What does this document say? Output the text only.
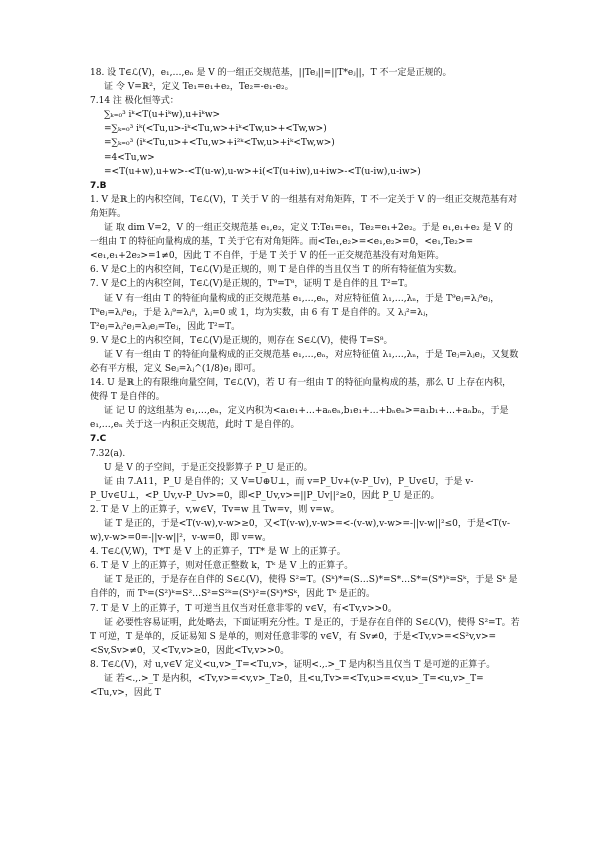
18. 设 T∈ℒ(V)，e₁,…,eₙ 是 V 的一组正交规范基，||Teⱼ||=||T*eⱼ||，T 不一定是正规的。

证 令 V=ℝ²，定义 Te₁=e₁+e₂，Te₂=-e₁-e₂。

7.14 注 极化恒等式：

∑ₖ₌₀³ iᵏ<T(u+iᵏw),u+iᵏw>

=∑ₖ₌₀³ iᵏ(<Tu,u>-iᵏ<Tu,w>+iᵏ<Tw,u>+<Tw,w>)

=∑ₖ₌₀³ (iᵏ<Tu,u>+<Tu,w>+i²ᵏ<Tw,u>+iᵏ<Tw,w>)

=4<Tu,w>

=<T(u+w),u+w>-<T(u-w),u-w>+i(<T(u+iw),u+iw>-<T(u-iw),u-iw>)

7.B

1. V 是ℝ上的内积空间，T∈ℒ(V)，T 关于 V 的一组基有对角矩阵，T 不一定关于 V 的一组正交规范基有对角矩阵。

证 取 dim V=2，V 的一组正交规范基 e₁,e₂，定义 T:Te₁=e₁，Te₂=e₁+2e₂。于是 e₁,e₁+e₂ 是 V 的一组由 T 的特征向量构成的基，T 关于它有对角矩阵。而<Te₁,e₂>=<e₁,e₂>=0，<e₁,Te₂>=<e₁,e₁+2e₂>=1≠0，因此 T 不自伴，于是 T 关于 V 的任一正交规范基没有对角矩阵。

6. V 是ℂ上的内积空间，T∈ℒ(V)是正规的，则 T 是自伴的当且仅当 T 的所有特征值为实数。

7. V 是ℂ上的内积空间，T∈ℒ(V)是正规的，T⁹=T⁸，证明 T 是自伴的且 T²=T。

证 V 有一组由 T 的特征向量构成的正交规范基 e₁,…,eₙ，对应特征值 λ₁,…,λₙ，于是 T⁹eⱼ=λⱼ⁹eⱼ，T⁸eⱼ=λⱼ⁸eⱼ，于是 λⱼ⁹=λⱼ⁸，λⱼ=0 或 1，均为实数，由 6 有 T 是自伴的。又 λⱼ²=λⱼ，T²eⱼ=λⱼ²eⱼ=λⱼeⱼ=Teⱼ，因此 T²=T。

9. V 是ℂ上的内积空间，T∈ℒ(V)是正规的，则存在 S∈ℒ(V)，使得 T=S⁸。

证 V 有一组由 T 的特征向量构成的正交规范基 e₁,…,eₙ，对应特征值 λ₁,…,λₙ，于是 Teⱼ=λⱼeⱼ，又复数必有平方根，定义 Seⱼ=λⱼ^(1/8)eⱼ 即可。

14. U 是ℝ上的有限维向量空间，T∈ℒ(V)，若 U 有一组由 T 的特征向量构成的基，那么 U 上存在内积，使得 T 是自伴的。

证 记 U 的这组基为 e₁,…,eₙ，定义内积为<a₁e₁+…+aₙeₙ,b₁e₁+…+bₙeₙ>=a₁b₁+…+aₙbₙ，于是 e₁,…,eₙ 关于这一内积正交规范，此时 T 是自伴的。

7.C

7.32(a).

U 是 V 的子空间，于是正交投影算子 P_U 是正的。

证 由 7.A11，P_U 是自伴的；又 V=U⊕U⊥，而 v=P_Uv+(v-P_Uv)，P_Uv∈U，于是 v-P_Uv∈U⊥，<P_Uv,v-P_Uv>=0，即<P_Uv,v>=||P_Uv||²≥0，因此 P_U 是正的。

2. T 是 V 上的正算子，v,w∈V，Tv=w 且 Tw=v，则 v=w。

证 T 是正的，于是<T(v-w),v-w>≥0，又<T(v-w),v-w>=<-(v-w),v-w>=-||v-w||²≤0，于是<T(v-w),v-w>=0=-||v-w||²，v-w=0，即 v=w。

4. T∈ℒ(V,W)，T*T 是 V 上的正算子，TT* 是 W 上的正算子。

6. T 是 V 上的正算子，则对任意正整数 k，Tᵏ 是 V 上的正算子。

证 T 是正的，于是存在自伴的 S∈ℒ(V)，使得 S²=T。(Sᵏ)*=(S…S)*=S*…S*=(S*)ᵏ=Sᵏ，于是 Sᵏ 是自伴的，而 Tᵏ=(S²)ᵏ=S²…S²=S²ᵏ=(Sᵏ)²=(Sᵏ)*Sᵏ，因此 Tᵏ 是正的。

7. T 是 V 上的正算子，T 可逆当且仅当对任意非零的 v∈V，有<Tv,v>>0。

证 必要性容易证明，此处略去，下面证明充分性。T 是正的，于是存在自伴的 S∈ℒ(V)，使得 S²=T。若 T 可逆，T 是单的，反证易知 S 是单的，则对任意非零的 v∈V，有 Sv≠0，于是<Tv,v>=<S²v,v>=<Sv,Sv>≠0，又<Tv,v>≥0，因此<Tv,v>>0。

8. T∈ℒ(V)，对 u,v∈V 定义<u,v>_T=<Tu,v>，证明<.,.>_T 是内积当且仅当 T 是可逆的正算子。

证 若<.,.>_T 是内积，<Tv,v>=<v,v>_T≥0，且<u,Tv>=<Tv,u>=<v,u>_T=<u,v>_T=<Tu,v>，因此 T
